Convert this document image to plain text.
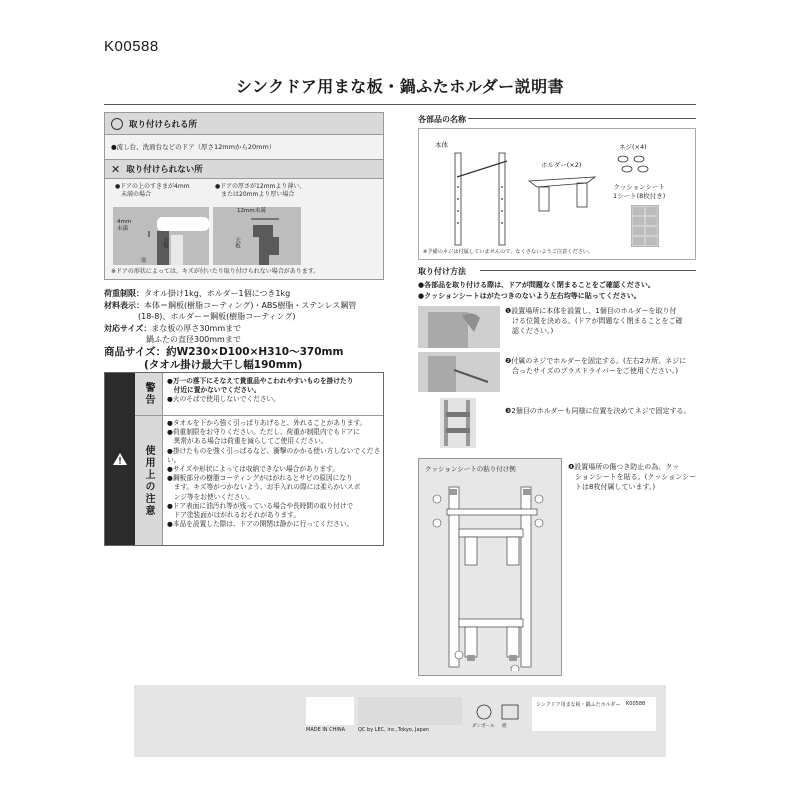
K00588
シンクドア用まな板・鍋ふたホルダー説明書
取り付けられる所
●流し台、洗面台などのドア（厚さ12mmから20mm）
✕ 取り付けられない所
●ドアの上のすきまが4mm
未満の場合
●ドアの厚さが12mmより薄い、
または20mmより厚い場合
4mm
未満
扉
天板
12mm未満
天板
※ドアの形状によっては、キズが付いたり取り付けられない場合があります。
荷重制限： タオル掛け1kg、ホルダー1個につき1kg
材料表示： 本体＝鋼板(樹脂コーティング)・ABS樹脂・ステンレス鋼管
(18-8)、ホルダー＝鋼板(樹脂コーティング)
対応サイズ： まな板の厚さ30mmまで
鍋ふたの直径300mmまで
商品サイズ： 約W230×D100×H310〜370mm
(タオル掛け最大干し幅190mm)
警告
使用上の注意
●万一の落下にそなえて貴重品やこわれやすいものを掛けたり
　付近に置かないでください。
●火のそばで使用しないでください。
●タオルを下から強く引っぱりあげると、外れることがあります。
●荷重制限をお守りください。ただし、荷重が制限内でもドアに
　異常がある場合は荷重を減らしてご使用ください。
●掛けたものを強く引っぱるなど、衝撃のかかる使い方しないでください。
●サイズや形状によっては収納できない場合があります。
●鋼板部分の樹脂コーティングがはがれるとサビの原因になり
　ます。キズ等がつかないよう、お手入れの際には柔らかいスポ
　ンジ等をお使いください。
●ドア表面に油汚れ等が残っている場合や長時間の取り付けで
　ドア塗装面がはがれるおそれがあります。
●本品を設置した際は、ドアの開閉は静かに行ってください。
各部品の名称
本体
ホルダー(×2)
ネジ(×4)
クッションシート
1シート(8枚付き)
※予備のネジは付属していませんので、なくさないようご注意ください。
取り付け方法
●各部品を取り付ける際は、ドアが問題なく閉まることをご確認ください。
●クッションシートはがたつきのないよう左右均等に貼ってください。
❶設置場所に本体を設置し、1個目のホルダーを取り付
　ける位置を決める。(ドアが問題なく閉まることをご確
　認ください。)
❷付属のネジでホルダーを固定する。(左右2カ所。ネジに
　合ったサイズのプラスドライバーをご使用ください。)
❸2個目のホルダーも同様に位置を決めてネジで固定する。
クッションシートの貼り付け例	❹設置場所の傷つき防止の為、クッ
　ションシートを貼る。(クッションシー
　トは8枚付属しています。)
MADE IN CHINA	QC by LEC, inc.,Tokyo, Japan
ダンボール 紙
シンクドア用まな板・鍋ふたホルダー K00588
